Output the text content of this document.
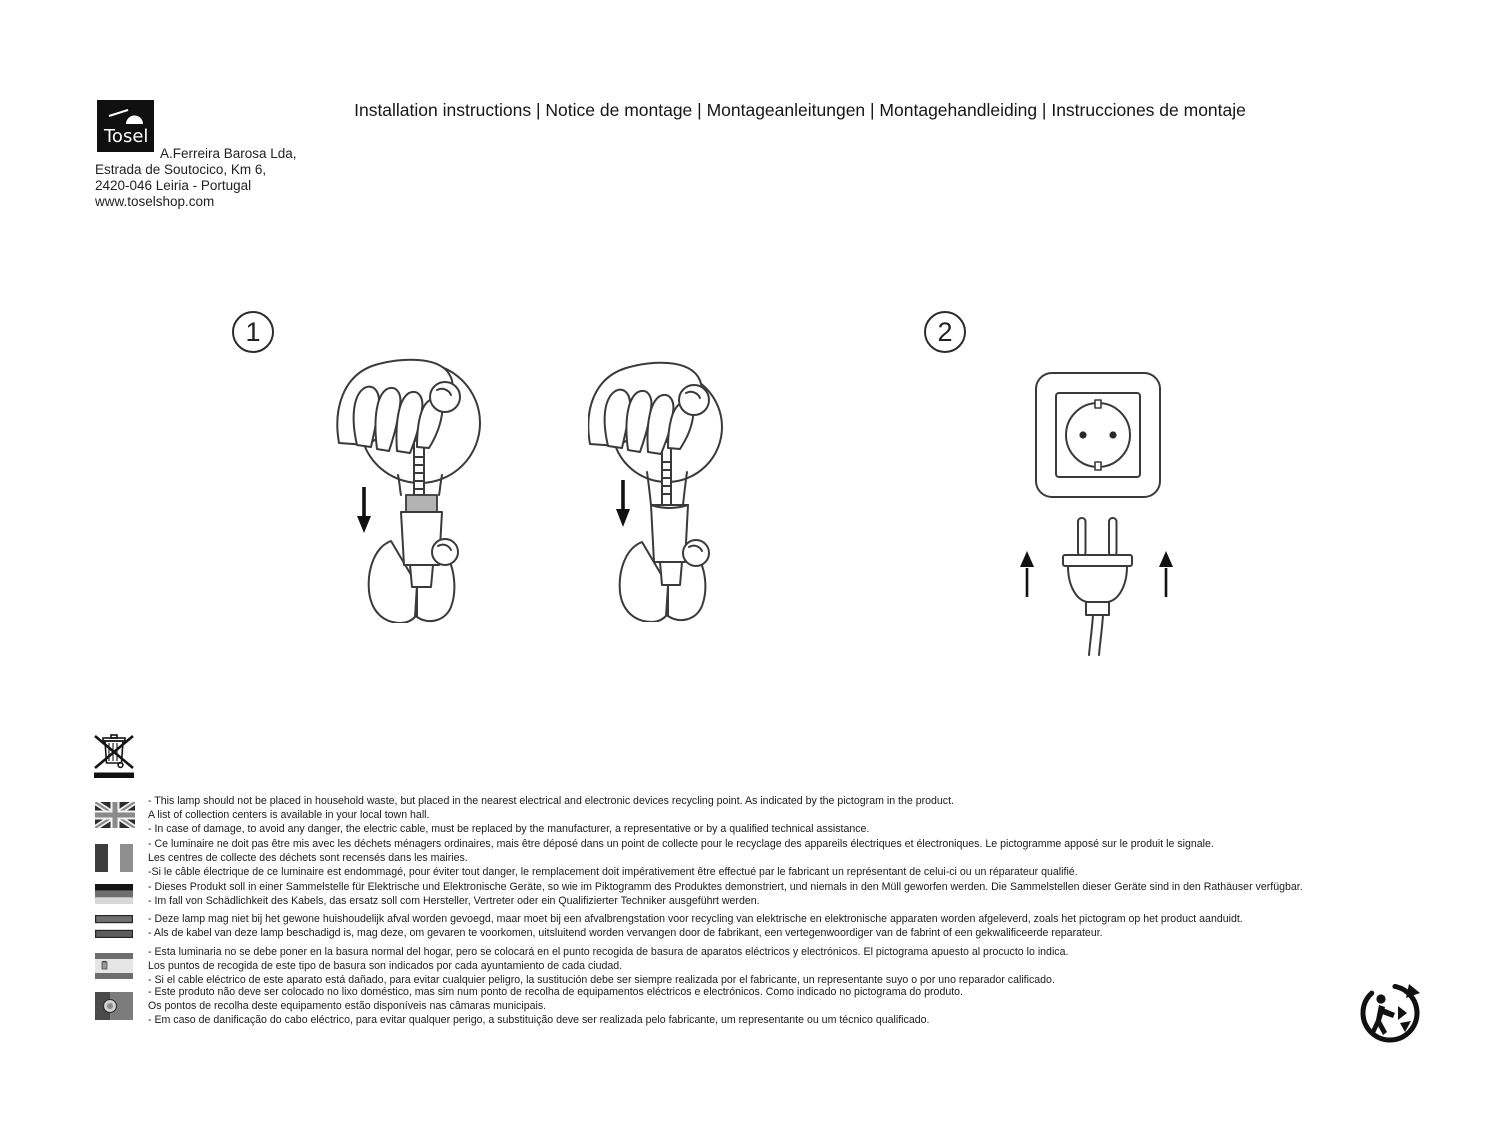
Tosel
Installation instructions | Notice de montage | Montageanleitungen | Montagehandleiding | Instrucciones de montaje
A.Ferreira Barosa Lda,
Estrada de Soutocico, Km 6,
2420-046 Leiria - Portugal
www.toselshop.com
1	2
- This lamp should not be placed in household waste, but placed in the nearest electrical and electronic devices recycling point. As indicated by the pictogram in the product.
A list of collection centers is available in your local town hall.
- In case of damage, to avoid any danger, the electric cable, must be replaced by the manufacturer, a representative or by a qualified technical assistance.
- Ce luminaire ne doit pas être mis avec les déchets ménagers ordinaires, mais être déposé dans un point de collecte pour le recyclage des appareils électriques et électroniques. Le pictogramme apposé sur le produit le signale.
Les centres de collecte des déchets sont recensés dans les mairies.
-Si le câble électrique de ce luminaire est endommagé, pour éviter tout danger, le remplacement doit impérativement être effectué par le fabricant un représentant de celui-ci ou un réparateur qualifié.
- Dieses Produkt soll in einer Sammelstelle für Elektrische und Elektronische Geräte, so wie im Piktogramm des Produktes demonstriert, und niemals in den Müll geworfen werden. Die Sammelstellen dieser Geräte sind in den Rathäuser verfügbar.
- Im fall von Schädlichkeit des Kabels, das ersatz soll com Hersteller, Vertreter oder ein Qualifizierter Techniker ausgeführt werden.
- Deze lamp mag niet bij het gewone huishoudelijk afval worden gevoegd, maar moet bij een afvalbrengstation voor recycling van elektrische en elektronische apparaten worden afgeleverd, zoals het pictogram op het product aanduidt.
- Als de kabel van deze lamp beschadigd is, mag deze, om gevaren te voorkomen, uitsluitend worden vervangen door de fabrikant, een vertegenwoordiger van de fabrint of een gekwalificeerde reparateur.
- Esta luminaria no se debe poner en la basura normal del hogar, pero se colocará en el punto recogida de basura de aparatos eléctricos y electrónicos. El pictograma apuesto al procucto lo indica.
Los puntos de recogida de este tipo de basura son indicados por cada ayuntamiento de cada ciudad.
- Si el cable eléctrico de este aparato está dañado, para evitar cualquier peligro, la sustitución debe ser siempre realizada por el fabricante, un representante suyo o por uno reparador calificado.
- Este produto não deve ser colocado no lixo doméstico, mas sim num ponto de recolha de equipamentos eléctricos e electrónicos. Como indicado no pictograma do produto.
Os pontos de recolha deste equipamento estão disponíveis nas câmaras municipais.
- Em caso de danificação do cabo eléctrico, para evitar qualquer perigo, a substituição deve ser realizada pelo fabricante, um representante ou um técnico qualificado.
